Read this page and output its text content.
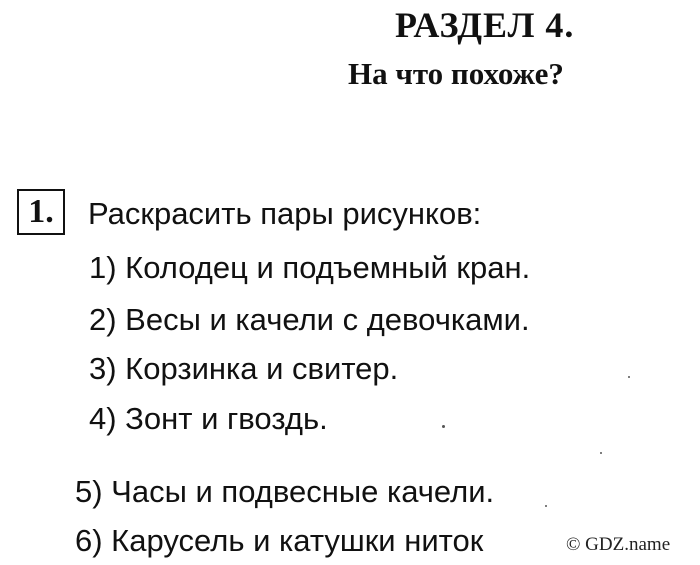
РАЗДЕЛ 4.
На что похоже?
1.	Раскрасить пары рисунков:
1) Колодец и подъемный кран.
2) Весы и качели с девочками.
3) Корзинка и свитер.
4) Зонт и гвоздь.
5) Часы и подвесные качели.
6) Карусель и катушки ниток	© GDZ.name
